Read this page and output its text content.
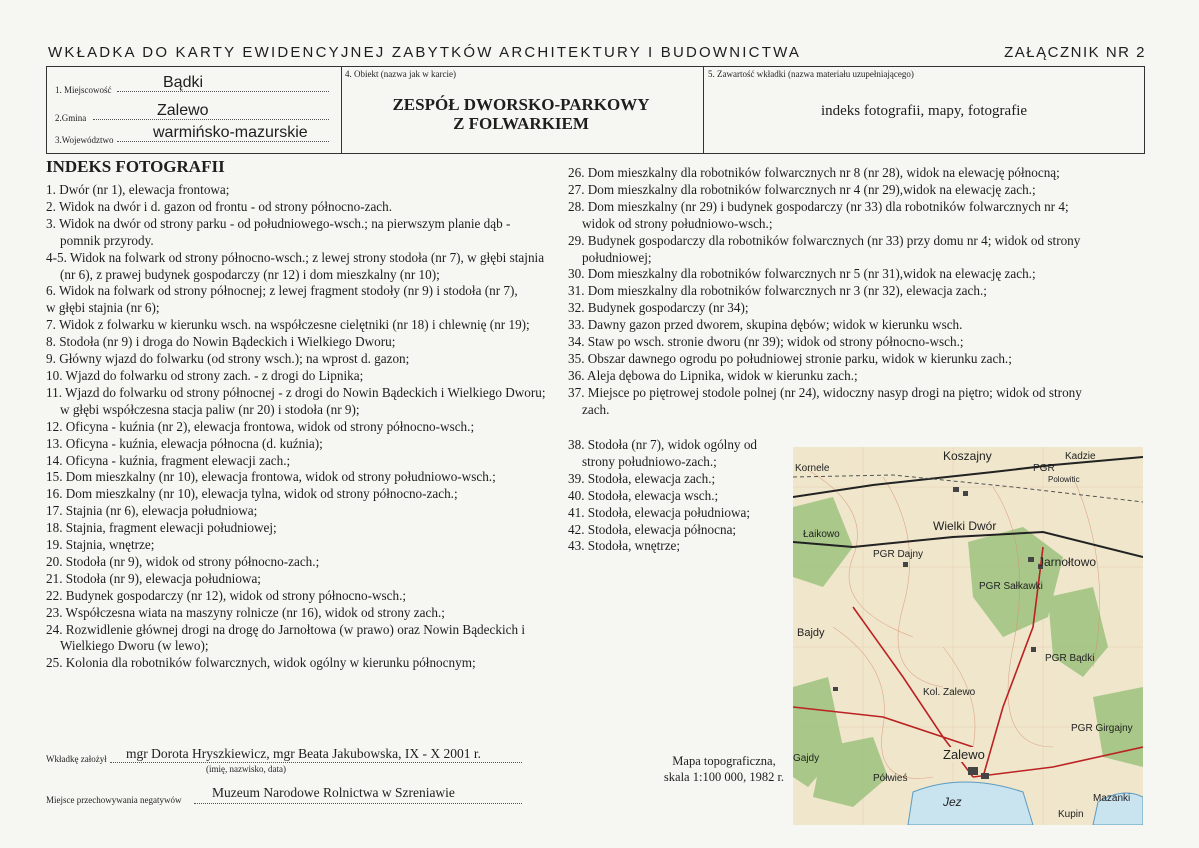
WKŁADKA DO KARTY EWIDENCYJNEJ ZABYTKÓW ARCHITEKTURY I BUDOWNICTWA	ZAŁĄCZNIK NR 2
1. Miejscowość	Bądki
2.Gmina	Zalewo
3.Województwo warmińsko-mazurskie
4. Obiekt (nazwa jak w karcie)
ZESPÓŁ DWORSKO-PARKOWY
Z FOLWARKIEM
5. Zawartość wkładki (nazwa materiału uzupełniającego)
indeks fotografii, mapy, fotografie
INDEKS FOTOGRAFII
1. Dwór (nr 1), elewacja frontowa;
2. Widok na dwór i d. gazon od frontu - od strony północno-zach.
3. Widok na dwór od strony parku - od południowego-wsch.; na pierwszym planie dąb - pomnik przyrody.
4-5. Widok na folwark od strony północno-wsch.; z lewej strony stodoła (nr 7), w głębi stajnia (nr 6), z prawej budynek gospodarczy (nr 12) i dom mieszkalny (nr 10);
6. Widok na folwark od strony północnej; z lewej fragment stodoły (nr 9) i stodoła (nr 7),
w głębi stajnia (nr 6);
7. Widok z folwarku w kierunku wsch. na współczesne cielętniki (nr 18) i chlewnię (nr 19);
8. Stodoła (nr 9) i droga do Nowin Bądeckich i Wielkiego Dworu;
9. Główny wjazd do folwarku (od strony wsch.); na wprost d. gazon;
10. Wjazd do folwarku od strony zach. - z drogi do Lipnika;
11. Wjazd do folwarku od strony północnej - z drogi do Nowin Bądeckich i Wielkiego Dworu; w głębi współczesna stacja paliw (nr 20) i stodoła (nr 9);
12. Oficyna - kuźnia (nr 2), elewacja frontowa, widok od strony północno-wsch.;
13. Oficyna - kuźnia, elewacja północna (d. kuźnia);
14. Oficyna - kuźnia, fragment elewacji zach.;
15. Dom mieszkalny (nr 10), elewacja frontowa, widok od strony południowo-wsch.;
16. Dom mieszkalny (nr 10), elewacja tylna, widok od strony północno-zach.;
17. Stajnia (nr 6), elewacja południowa;
18. Stajnia, fragment elewacji południowej;
19. Stajnia, wnętrze;
20. Stodoła (nr 9), widok od strony północno-zach.;
21. Stodoła (nr 9), elewacja południowa;
22. Budynek gospodarczy (nr 12), widok od strony północno-wsch.;
23. Współczesna wiata na maszyny rolnicze (nr 16), widok od strony zach.;
24. Rozwidlenie głównej drogi na drogę do Jarnołtowa (w prawo) oraz Nowin Bądeckich i Wielkiego Dworu (w lewo);
25. Kolonia dla robotników folwarcznych, widok ogólny w kierunku północnym;
26. Dom mieszkalny dla robotników folwarcznych nr 8 (nr 28), widok na elewację północną;
27. Dom mieszkalny dla robotników folwarcznych nr 4 (nr 29),widok na elewację zach.;
28. Dom mieszkalny (nr 29) i budynek gospodarczy (nr 33) dla robotników folwarcznych nr 4; widok od strony południowo-wsch.;
29. Budynek gospodarczy dla robotników folwarcznych (nr 33) przy domu nr 4; widok od strony południowej;
30. Dom mieszkalny dla robotników folwarcznych nr 5 (nr 31),widok na elewację zach.;
31. Dom mieszkalny dla robotników folwarcznych nr 3 (nr 32), elewacja zach.;
32. Budynek gospodarczy (nr 34);
33. Dawny gazon przed dworem, skupina dębów; widok w kierunku wsch.
34. Staw po wsch. stronie dworu (nr 39); widok od strony północno-wsch.;
35. Obszar dawnego ogrodu po południowej stronie parku, widok w kierunku zach.;
36. Aleja dębowa do Lipnika, widok w kierunku zach.;
37. Miejsce po piętrowej stodole polnej (nr 24), widoczny nasyp drogi na piętro; widok od strony zach.
38. Stodoła (nr 7), widok ogólny od strony południowo-zach.;
39. Stodoła, elewacja zach.;
40. Stodoła, elewacja wsch.;
41. Stodoła, elewacja południowa;
42. Stodoła, elewacja północna;
43. Stodoła, wnętrze;
Wkładkę założył mgr Dorota Hryszkiewicz, mgr Beata Jakubowska, IX - X 2001 r.
(imię, nazwisko, data)
Miejsce przechowywania negatywów Muzeum Narodowe Rolnictwa w Szreniawie
Mapa topograficzna,
skala 1:100 000, 1982 r.
Koszajny	Kadzie
PGR
Polowitic
Kornele
Wielki Dwór
Łaikowo
PGR Dajny
Jarnołtowo
PGR Sałkawki
Bajdy
PGR Bądki
Kol. Zalewo
Zalewo
PGR Girgajny
Gajdy
Półwieś
Jez
Kupin
Mazanki
